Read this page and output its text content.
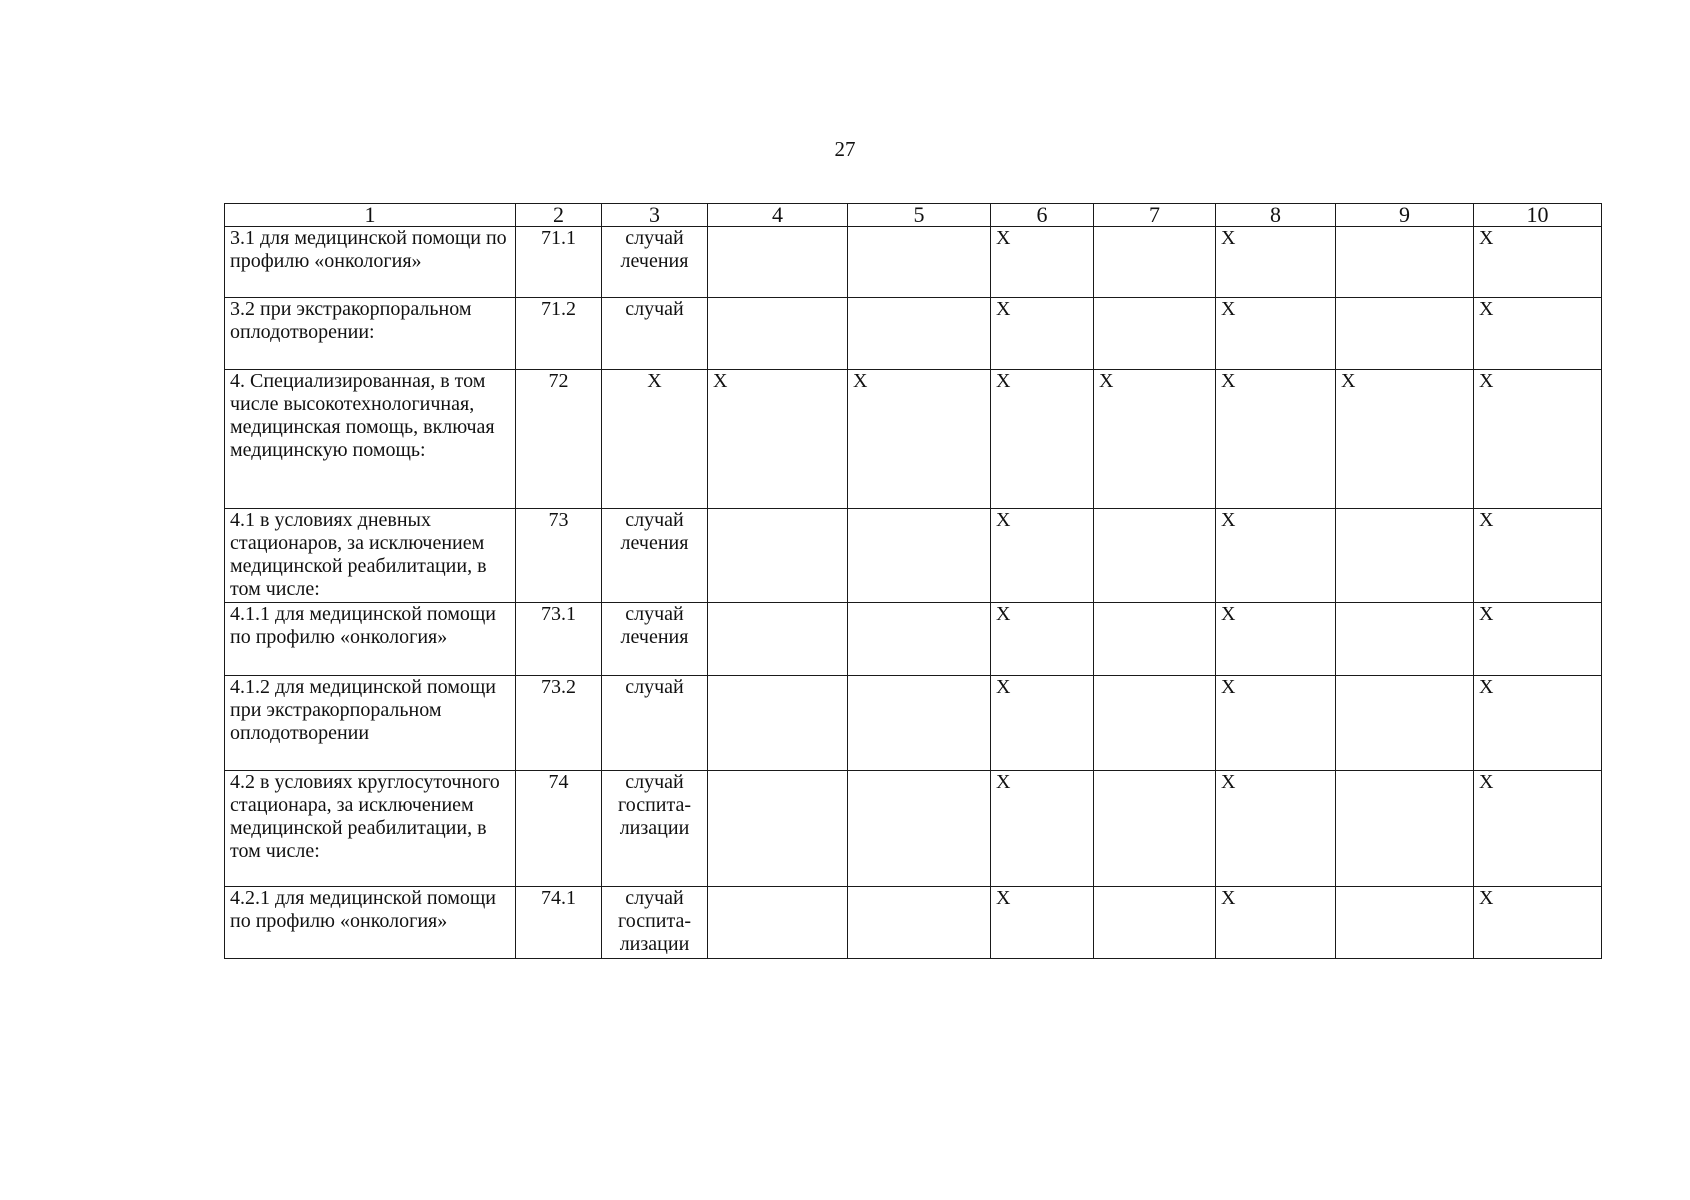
27
1	2	3	4	5	6	7	8	9	10
3.1 для медицинской помощи по профилю «онкология»	71.1	случай лечения			X		X		X
3.2 при экстракорпоральном оплодотворении:	71.2	случай			X		X		X
4. Специализированная, в том числе высокотехнологичная, медицинская помощь, включая медицинскую помощь:	72	X	X	X	X	X	X	X	X
4.1 в условиях дневных стационаров, за исключением медицинской реабилитации, в том числе:	73	случай лечения			X		X		X
4.1.1 для медицинской помощи по профилю «онкология»	73.1	случай лечения			X		X		X
4.1.2 для медицинской помощи при экстракорпоральном оплодотворении	73.2	случай			X		X		X
4.2 в условиях круглосуточного стационара, за исключением медицинской реабилитации, в том числе:	74	случай госпита-лизации			X		X		X
4.2.1 для медицинской помощи по профилю «онкология»	74.1	случай госпита-лизации			X		X		X
